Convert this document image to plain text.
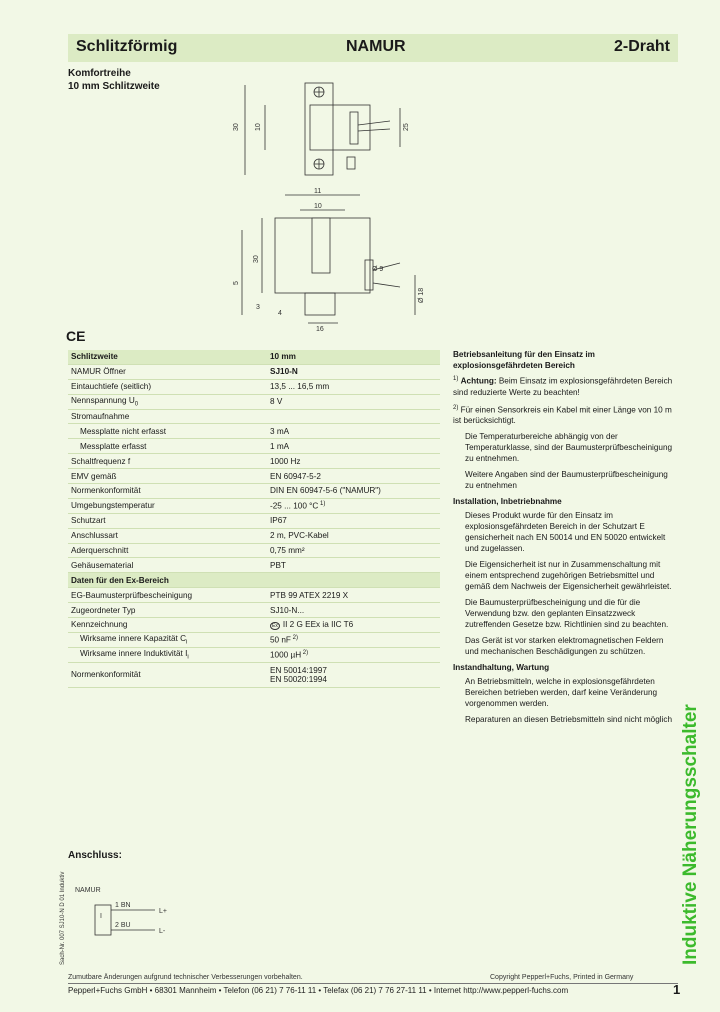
Schlitzförmig	NAMUR	2-Draht
Komfortreihe
10 mm Schlitzweite
30 10	25
11
10
30
5
3
16
4
Ø 9
Ø 18
CE
Schlitzweite	10 mm
NAMUR Öffner	SJ10-N
Eintauchtiefe (seitlich)	13,5 ... 16,5 mm
Nennspannung $U_0$	8 V
Stromaufnahme	
Messplatte nicht erfasst	3 mA
Messplatte erfasst	1 mA
Schaltfrequenz f	1000 Hz
EMV gemäß	EN 60947-5-2
Normenkonformität	DIN EN 60947-5-6 ("NAMUR")
Umgebungstemperatur	-25 ... 100 °C $^{1)}$
Schutzart	IP67
Anschlussart	2 m, PVC-Kabel
Aderquerschnitt	0,75 mm²
Gehäusematerial	PBT
Daten für den Ex-Bereich	
EG-Baumusterprüfbescheinigung	PTB 99 ATEX 2219 X
Zugeordneter Typ	SJ10-N...
Kennzeichnung	Ex II 2 G EEx ia IIC T6
Wirksame innere Kapazität $C_i$	50 nF $^{2)}$
Wirksame innere Induktivität $I_i$	1000 µH $^{2)}$
Normenkonformität	EN 50014:1997
EN 50020:1994
Betriebsanleitung für den Einsatz im explosionsgefährdeten Bereich

$^{1)}$ Achtung: Beim Einsatz im explosionsgefährdeten Bereich sind reduzierte Werte zu beachten!

$^{2)}$ Für einen Sensorkreis ein Kabel mit einer Länge von 10 m ist berücksichtigt.

Die Temperaturbereiche abhängig von der Temperaturklasse, sind der Baumusterprüfbescheinigung zu entnehmen.

Weitere Angaben sind der Baumusterprüfbescheinigung zu entnehmen

Installation, Inbetriebnahme

Dieses Produkt wurde für den Einsatz im explosionsgefährdeten Bereich in der Schutzart E gensicherheit nach EN 50014 und EN 50020 entwickelt und zugelassen.

Die Eigensicherheit ist nur in Zusammenschaltung mit einem entsprechend zugehörigen Betriebsmittel und gemäß dem Nachweis der Eigensicherheit gewährleistet.

Die Baumusterprüfbescheinigung und die für die Verwendung bzw. den geplanten Einsatzzweck zutreffenden Gesetze bzw. Richtlinien sind zu beachten.

Das Gerät ist vor starken elektromagnetischen Feldern und mechanischen Beschädigungen zu schützen.

Instandhaltung, Wartung

An Betriebsmitteln, welche in explosionsgefährdeten Bereichen betrieben werden, darf keine Veränderung vorgenommen werden.

Reparaturen an diesen Betriebsmitteln sind nicht möglich Induktive Näherungsschalter
Anschluss:
Sach-Nr. 007 SJ10-N D 01 Induktiv NAMUR
I
1 BN
2 BU
L+
L-
Zumutbare Änderungen aufgrund technischer Verbesserungen vorbehalten.	Copyright Pepperl+Fuchs, Printed in Germany
Pepperl+Fuchs GmbH • 68301 Mannheim • Telefon (06 21) 7 76-11 11 • Telefax (06 21) 7 76 27-11 11 • Internet http://www.pepperl-fuchs.com	1
